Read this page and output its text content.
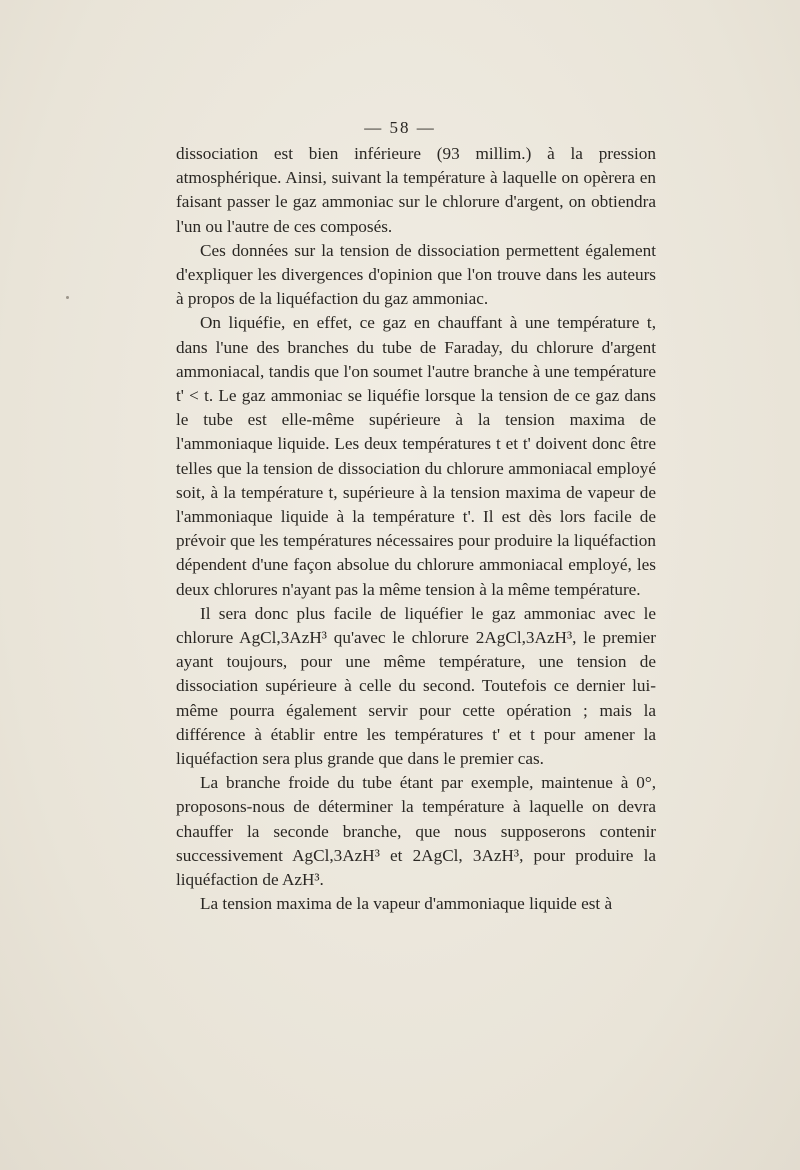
— 58 —

dissociation est bien inférieure (93 millim.) à la pression atmosphérique. Ainsi, suivant la température à laquelle on opèrera en faisant passer le gaz ammoniac sur le chlorure d'argent, on obtiendra l'un ou l'autre de ces composés.

Ces données sur la tension de dissociation permettent également d'expliquer les divergences d'opinion que l'on trouve dans les auteurs à propos de la liquéfaction du gaz ammoniac.

On liquéfie, en effet, ce gaz en chauffant à une température t, dans l'une des branches du tube de Faraday, du chlorure d'argent ammoniacal, tandis que l'on soumet l'autre branche à une température t' < t. Le gaz ammoniac se liquéfie lorsque la tension de ce gaz dans le tube est elle-même supérieure à la tension maxima de l'ammoniaque liquide. Les deux températures t et t' doivent donc être telles que la tension de dissociation du chlorure ammoniacal employé soit, à la température t, supérieure à la tension maxima de vapeur de l'ammoniaque liquide à la température t'. Il est dès lors facile de prévoir que les températures nécessaires pour produire la liquéfaction dépendent d'une façon absolue du chlorure ammoniacal employé, les deux chlorures n'ayant pas la même tension à la même température.

Il sera donc plus facile de liquéfier le gaz ammoniac avec le chlorure AgCl,3AzH³ qu'avec le chlorure 2AgCl,3AzH³, le premier ayant toujours, pour une même température, une tension de dissociation supérieure à celle du second. Toutefois ce dernier lui-même pourra également servir pour cette opération ; mais la différence à établir entre les températures t' et t pour amener la liquéfaction sera plus grande que dans le premier cas.

La branche froide du tube étant par exemple, maintenue à 0°, proposons-nous de déterminer la température à laquelle on devra chauffer la seconde branche, que nous supposerons contenir successivement AgCl,3AzH³ et 2AgCl, 3AzH³, pour produire la liquéfaction de AzH³.

La tension maxima de la vapeur d'ammoniaque liquide est à
